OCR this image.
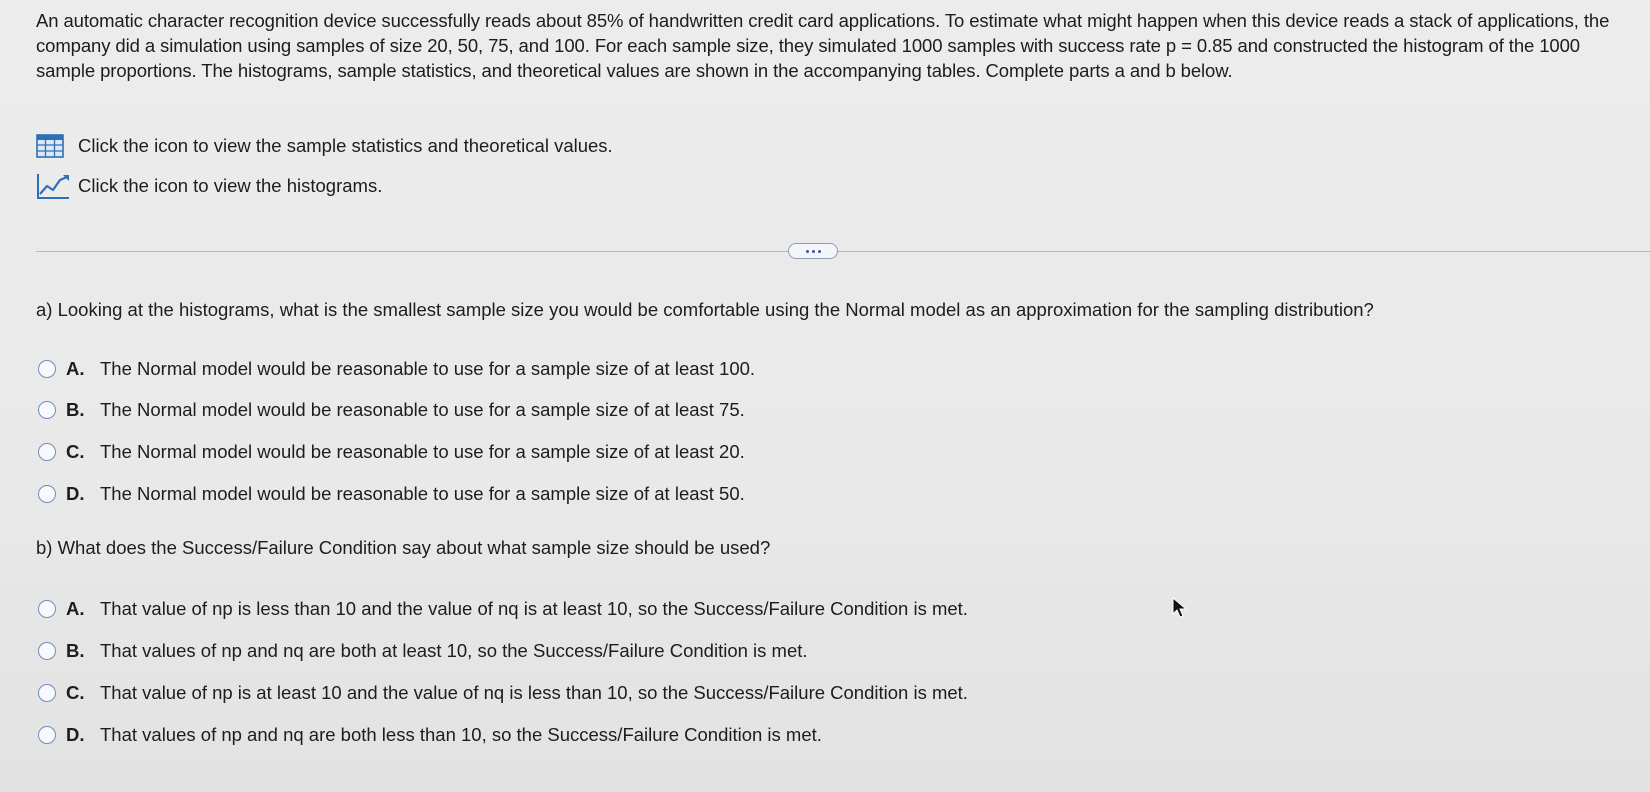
An automatic character recognition device successfully reads about 85% of handwritten credit card applications. To estimate what might happen when this device reads a stack of applications, the company did a simulation using samples of size 20, 50, 75, and 100. For each sample size, they simulated 1000 samples with success rate p = 0.85 and constructed the histogram of the 1000 sample proportions. The histograms, sample statistics, and theoretical values are shown in the accompanying tables. Complete parts a and b below.
Click the icon to view the sample statistics and theoretical values.
Click the icon to view the histograms.
a) Looking at the histograms, what is the smallest sample size you would be comfortable using the Normal model as an approximation for the sampling distribution?
A. The Normal model would be reasonable to use for a sample size of at least 100.
B. The Normal model would be reasonable to use for a sample size of at least 75.
C. The Normal model would be reasonable to use for a sample size of at least 20.
D. The Normal model would be reasonable to use for a sample size of at least 50.
b) What does the Success/Failure Condition say about what sample size should be used?
A. That value of np is less than 10 and the value of nq is at least 10, so the Success/Failure Condition is met.
B. That values of np and nq are both at least 10, so the Success/Failure Condition is met.
C. That value of np is at least 10 and the value of nq is less than 10, so the Success/Failure Condition is met.
D. That values of np and nq are both less than 10, so the Success/Failure Condition is met.
